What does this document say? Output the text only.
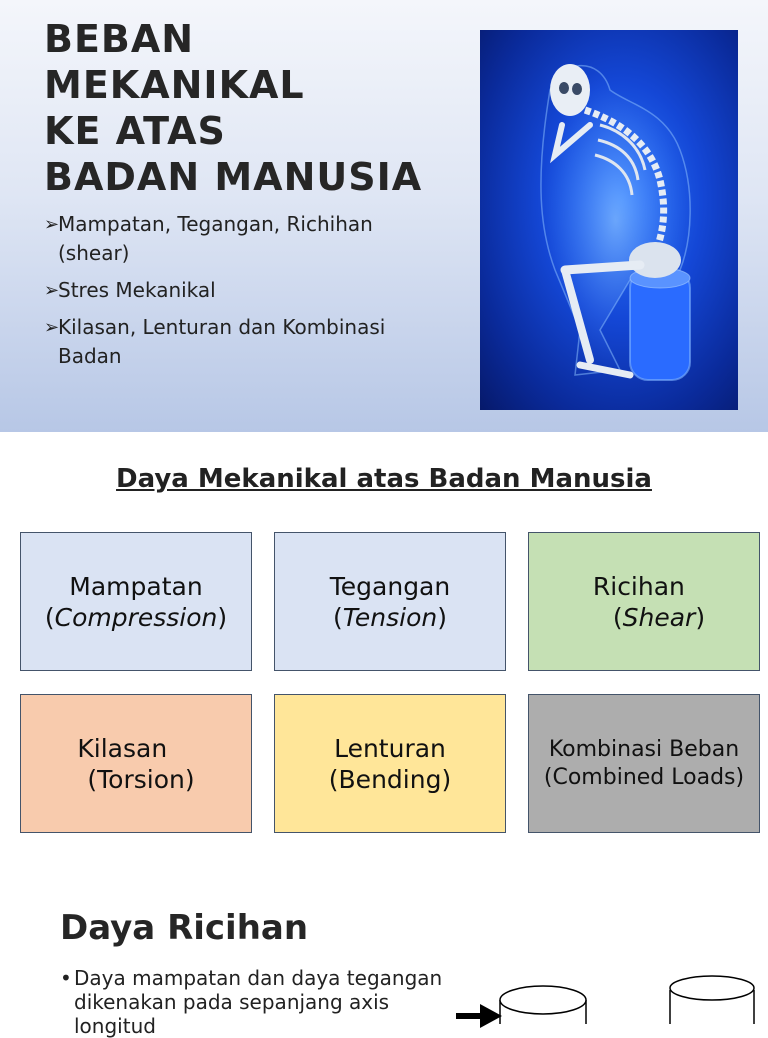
BEBAN
MEKANIKAL
KE ATAS
BADAN MANUSIA
➢
Mampatan, Tegangan, Richihan (shear)
➢
Stres Mekanikal
➢
Kilasan, Lenturan dan Kombinasi Badan
Daya Mekanikal atas Badan Manusia
Mampatan
(Compression)
Tegangan
(Tension)
Ricihan
(Shear)
Kilasan
(Torsion)
Lenturan
(Bending)
Kombinasi Beban
(Combined Loads)
Daya Ricihan
• Daya mampatan dan daya tegangan dikenakan pada sepanjang axis longitud
